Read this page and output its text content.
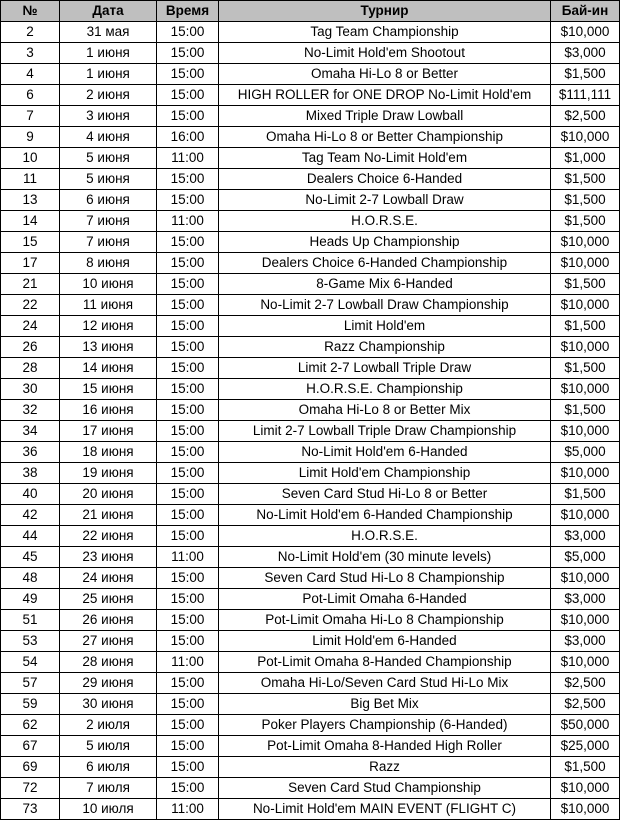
№	Дата	Время	Турнир	Бай-ин
2	31 мая	15:00	Tag Team Championship	$10,000
3	1 июня	15:00	No-Limit Hold'em Shootout	$3,000
4	1 июня	15:00	Omaha Hi-Lo 8 or Better	$1,500
6	2 июня	15:00	HIGH ROLLER for ONE DROP No-Limit Hold'em	$111,111
7	3 июня	15:00	Mixed Triple Draw Lowball	$2,500
9	4 июня	16:00	Omaha Hi-Lo 8 or Better Championship	$10,000
10	5 июня	11:00	Tag Team No-Limit Hold'em	$1,000
11	5 июня	15:00	Dealers Choice 6-Handed	$1,500
13	6 июня	15:00	No-Limit 2-7 Lowball Draw	$1,500
14	7 июня	11:00	H.O.R.S.E.	$1,500
15	7 июня	15:00	Heads Up Championship	$10,000
17	8 июня	15:00	Dealers Choice 6-Handed Championship	$10,000
21	10 июня	15:00	8-Game Mix 6-Handed	$1,500
22	11 июня	15:00	No-Limit 2-7 Lowball Draw Championship	$10,000
24	12 июня	15:00	Limit Hold'em	$1,500
26	13 июня	15:00	Razz Championship	$10,000
28	14 июня	15:00	Limit 2-7 Lowball Triple Draw	$1,500
30	15 июня	15:00	H.O.R.S.E. Championship	$10,000
32	16 июня	15:00	Omaha Hi-Lo 8 or Better Mix	$1,500
34	17 июня	15:00	Limit 2-7 Lowball Triple Draw Championship	$10,000
36	18 июня	15:00	No-Limit Hold'em 6-Handed	$5,000
38	19 июня	15:00	Limit Hold'em Championship	$10,000
40	20 июня	15:00	Seven Card Stud Hi-Lo 8 or Better	$1,500
42	21 июня	15:00	No-Limit Hold'em 6-Handed Championship	$10,000
44	22 июня	15:00	H.O.R.S.E.	$3,000
45	23 июня	11:00	No-Limit Hold'em (30 minute levels)	$5,000
48	24 июня	15:00	Seven Card Stud Hi-Lo 8 Championship	$10,000
49	25 июня	15:00	Pot-Limit Omaha 6-Handed	$3,000
51	26 июня	15:00	Pot-Limit Omaha Hi-Lo 8 Championship	$10,000
53	27 июня	15:00	Limit Hold'em 6-Handed	$3,000
54	28 июня	11:00	Pot-Limit Omaha 8-Handed Championship	$10,000
57	29 июня	15:00	Omaha Hi-Lo/Seven Card Stud Hi-Lo Mix	$2,500
59	30 июня	15:00	Big Bet Mix	$2,500
62	2 июля	15:00	Poker Players Championship (6-Handed)	$50,000
67	5 июля	15:00	Pot-Limit Omaha 8-Handed High Roller	$25,000
69	6 июля	15:00	Razz	$1,500
72	7 июля	15:00	Seven Card Stud Championship	$10,000
73	10 июля	11:00	No-Limit Hold'em MAIN EVENT (FLIGHT C)	$10,000
